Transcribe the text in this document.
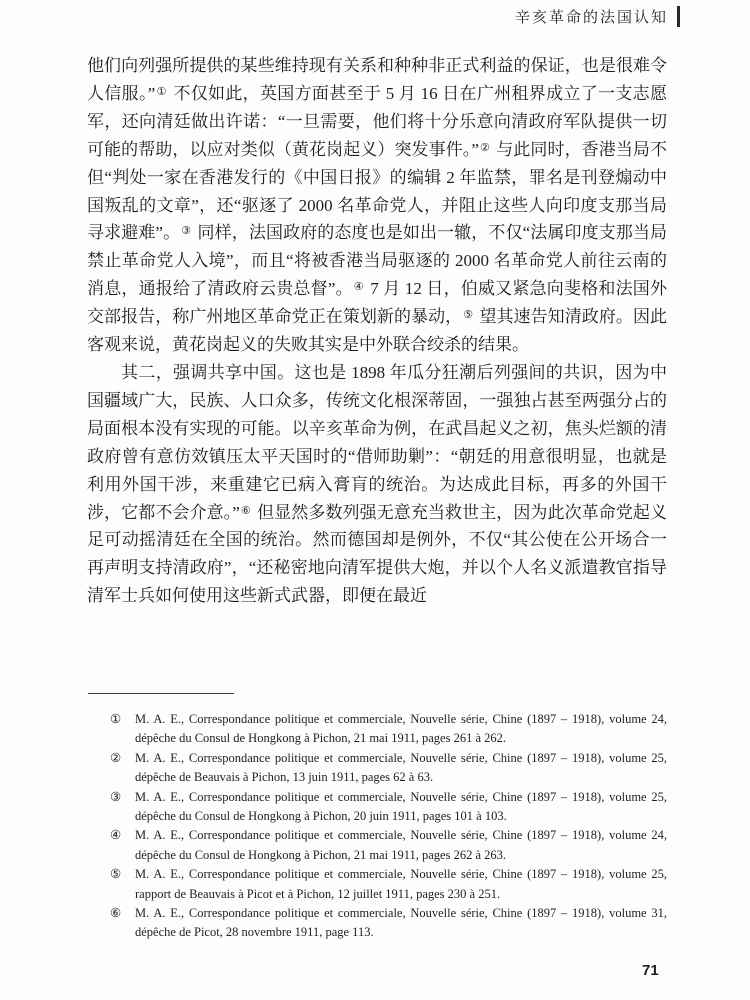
辛亥革命的法国认知

他们向列强所提供的某些维持现有关系和种种非正式利益的保证，也是很难令人信服。”① 不仅如此，英国方面甚至于 5 月 16 日在广州租界成立了一支志愿军，还向清廷做出许诺：“一旦需要，他们将十分乐意向清政府军队提供一切可能的帮助，以应对类似（黄花岗起义）突发事件。”② 与此同时，香港当局不但“判处一家在香港发行的《中国日报》的编辑 2 年监禁，罪名是刊登煽动中国叛乱的文章”，还“驱逐了 2000 名革命党人，并阻止这些人向印度支那当局寻求避难”。③ 同样，法国政府的态度也是如出一辙，不仅“法属印度支那当局禁止革命党人入境”，而且“将被香港当局驱逐的 2000 名革命党人前往云南的消息，通报给了清政府云贵总督”。④ 7 月 12 日，伯威又紧急向斐格和法国外交部报告，称广州地区革命党正在策划新的暴动，⑤ 望其速告知清政府。因此客观来说，黄花岗起义的失败其实是中外联合绞杀的结果。

其二，强调共享中国。这也是 1898 年瓜分狂潮后列强间的共识，因为中国疆域广大，民族、人口众多，传统文化根深蒂固，一强独占甚至两强分占的局面根本没有实现的可能。以辛亥革命为例，在武昌起义之初，焦头烂额的清政府曾有意仿效镇压太平天国时的“借师助剿”：“朝廷的用意很明显，也就是利用外国干涉，来重建它已病入膏肓的统治。为达成此目标，再多的外国干涉，它都不会介意。”⑥ 但显然多数列强无意充当救世主，因为此次革命党起义足可动摇清廷在全国的统治。然而德国却是例外，不仅“其公使在公开场合一再声明支持清政府”，“还秘密地向清军提供大炮，并以个人名义派遣教官指导清军士兵如何使用这些新式武器，即便在最近

①	M. A. E., Correspondance politique et commerciale, Nouvelle série, Chine (1897 – 1918), volume 24, dépêche du Consul de Hongkong à Pichon, 21 mai 1911, pages 261 à 262.
②	M. A. E., Correspondance politique et commerciale, Nouvelle série, Chine (1897 – 1918), volume 25, dépêche de Beauvais à Pichon, 13 juin 1911, pages 62 à 63.
③	M. A. E., Correspondance politique et commerciale, Nouvelle série, Chine (1897 – 1918), volume 25, dépêche du Consul de Hongkong à Pichon, 20 juin 1911, pages 101 à 103.
④	M. A. E., Correspondance politique et commerciale, Nouvelle série, Chine (1897 – 1918), volume 24, dépêche du Consul de Hongkong à Pichon, 21 mai 1911, pages 262 à 263.
⑤	M. A. E., Correspondance politique et commerciale, Nouvelle série, Chine (1897 – 1918), volume 25, rapport de Beauvais à Picot et à Pichon, 12 juillet 1911, pages 230 à 251.
⑥	M. A. E., Correspondance politique et commerciale, Nouvelle série, Chine (1897 – 1918), volume 31, dépêche de Picot, 28 novembre 1911, page 113.
71
